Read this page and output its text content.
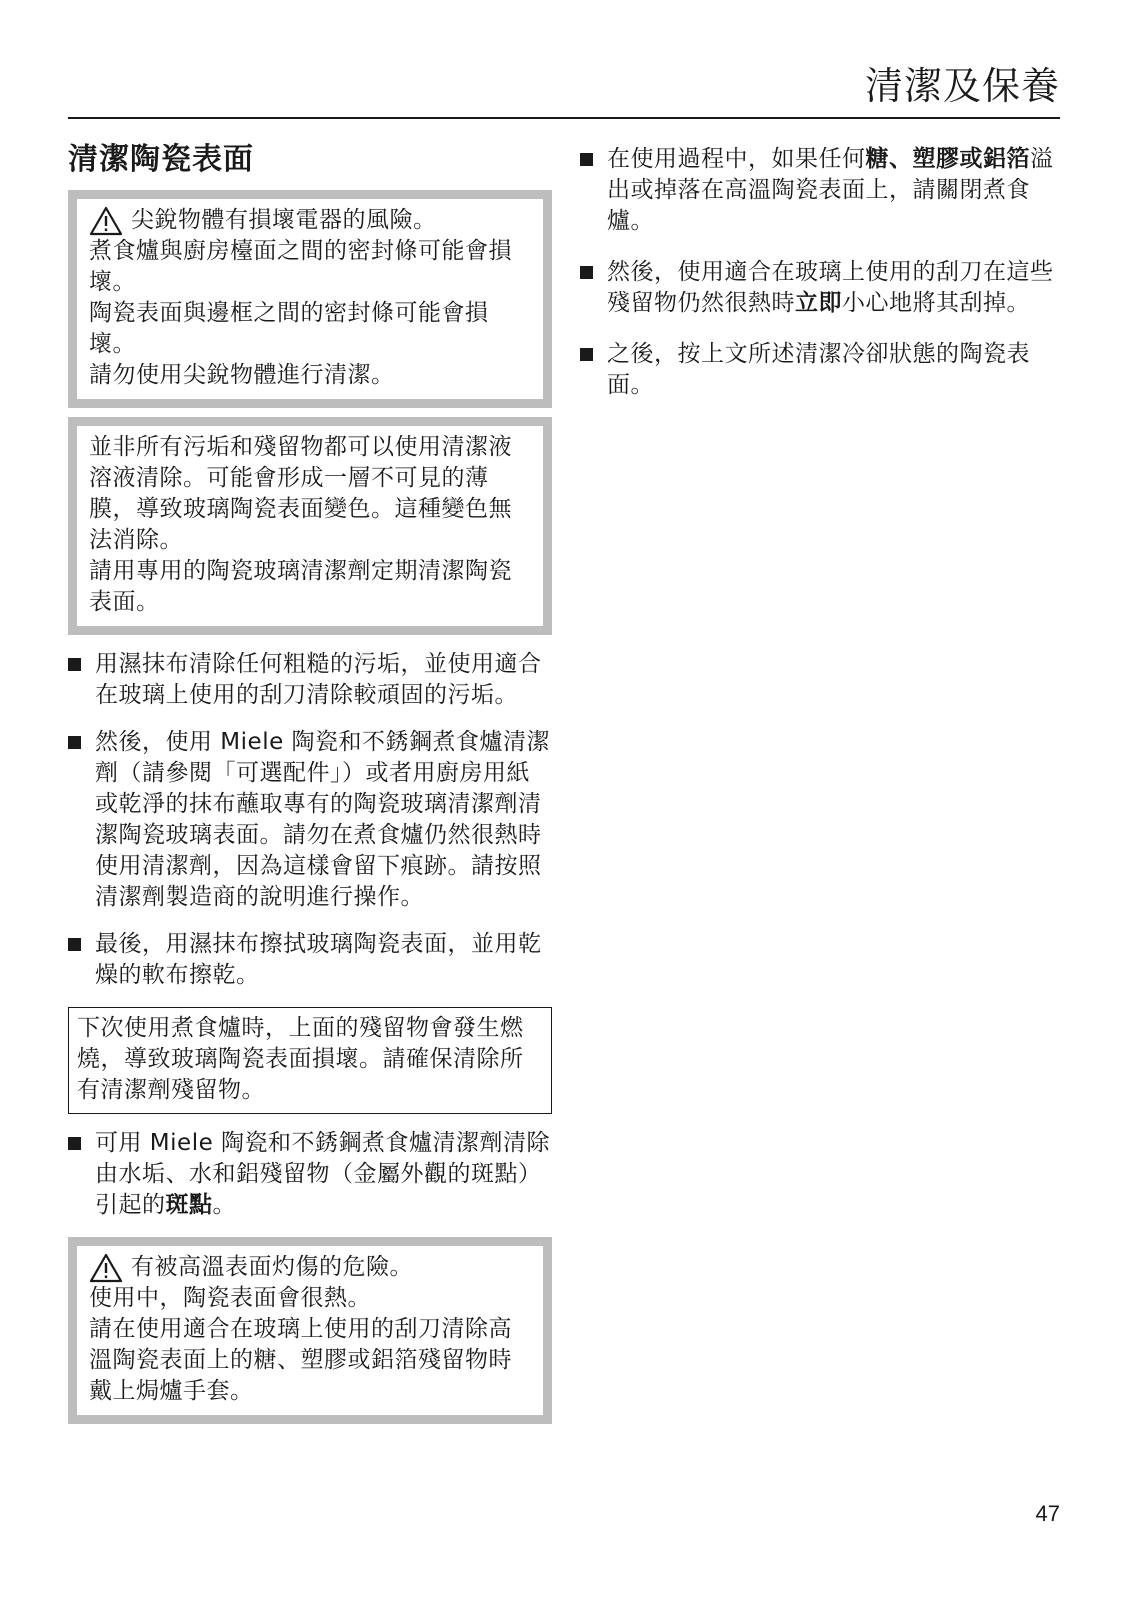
清潔及保養
清潔陶瓷表面

尖銳物體有損壞電器的風險。

煮食爐與廚房檯面之間的密封條可能會損壞。

陶瓷表面與邊框之間的密封條可能會損壞。

請勿使用尖銳物體進行清潔。

並非所有污垢和殘留物都可以使用清潔液溶液清除。可能會形成一層不可見的薄膜，導致玻璃陶瓷表面變色。這種變色無法消除。

請用專用的陶瓷玻璃清潔劑定期清潔陶瓷表面。

用濕抹布清除任何粗糙的污垢，並使用適合在玻璃上使用的刮刀清除較頑固的污垢。
然後，使用 Miele 陶瓷和不銹鋼煮食爐清潔劑（請參閱「可選配件」）或者用廚房用紙或乾淨的抹布蘸取專有的陶瓷玻璃清潔劑清潔陶瓷玻璃表面。請勿在煮食爐仍然很熱時使用清潔劑，因為這樣會留下痕跡。請按照清潔劑製造商的說明進行操作。
最後，用濕抹布擦拭玻璃陶瓷表面，並用乾燥的軟布擦乾。

下次使用煮食爐時，上面的殘留物會發生燃燒，導致玻璃陶瓷表面損壞。請確保清除所有清潔劑殘留物。

可用 Miele 陶瓷和不銹鋼煮食爐清潔劑清除由水垢、水和鋁殘留物（金屬外觀的斑點）引起的斑點。

有被高溫表面灼傷的危險。

使用中，陶瓷表面會很熱。

請在使用適合在玻璃上使用的刮刀清除高溫陶瓷表面上的糖、塑膠或鋁箔殘留物時戴上焗爐手套。

在使用過程中，如果任何糖、塑膠或鋁箔溢出或掉落在高溫陶瓷表面上，請關閉煮食爐。
然後，使用適合在玻璃上使用的刮刀在這些殘留物仍然很熱時立即小心地將其刮掉。
之後，按上文所述清潔冷卻狀態的陶瓷表面。
47
